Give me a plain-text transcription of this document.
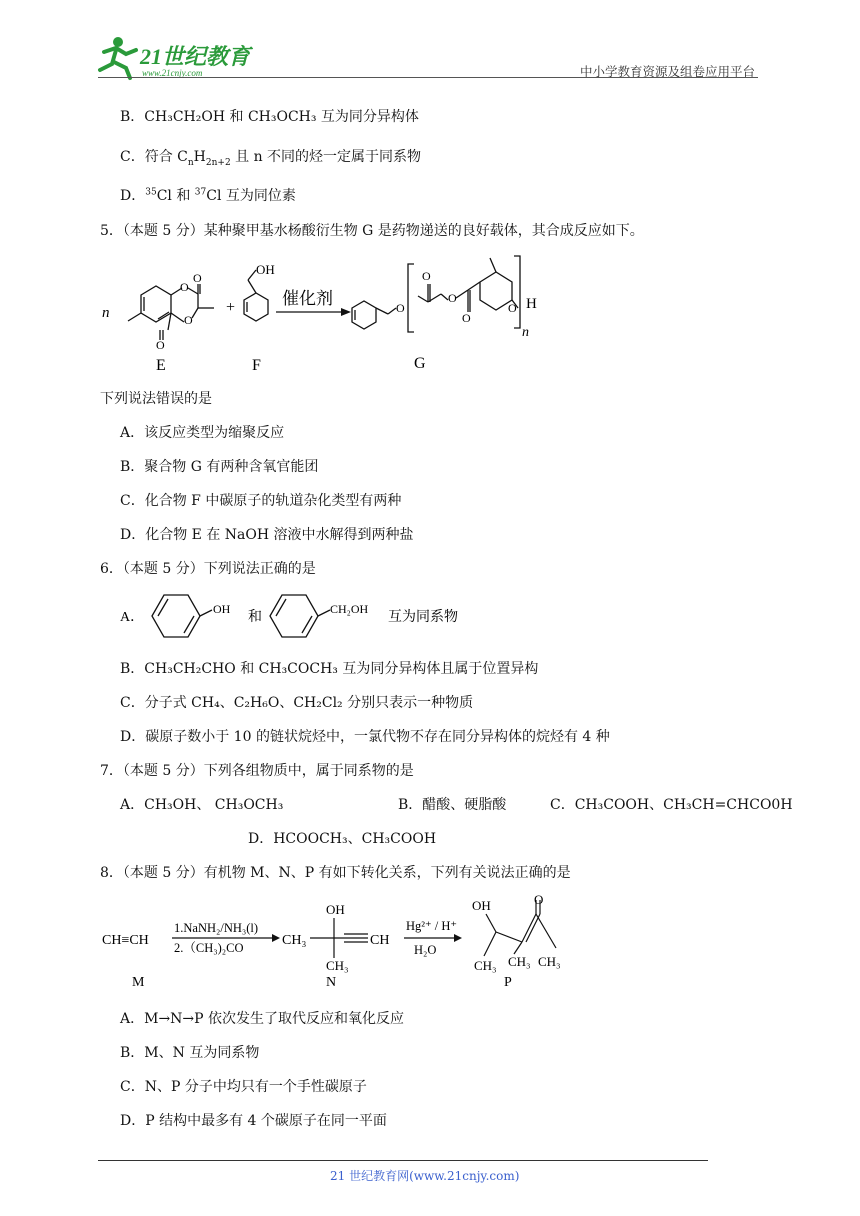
21世纪教育
www.21cnjy.com	中小学教育资源及组卷应用平台
B．CH₃CH₂OH 和 CH₃OCH₃ 互为同分异构体
C．符合 $C_nH_{2n+2}$ 且 n 不同的烃一定属于同系物
D．$^{35}$Cl 和 $^{37}$Cl 互为同位素
5．（本题 5 分）某种聚甲基水杨酸衍生物 G 是药物递送的良好载体，其合成反应如下。
n
O
O
O
O
E
+
OH
F
催化剂	O
O
O
O
O H
n
G
下列说法错误的是
A．该反应类型为缩聚反应
B．聚合物 G 有两种含氧官能团
C．化合物 F 中碳原子的轨道杂化类型有两种
D．化合物 E 在 NaOH 溶液中水解得到两种盐
6．（本题 5 分）下列说法正确的是
A．
OH
和
CH₂OH
互为同系物
B．CH₃CH₂CHO 和 CH₃COCH₃ 互为同分异构体且属于位置异构
C．分子式 CH₄、C₂H₆O、CH₂Cl₂ 分别只表示一种物质
D．碳原子数小于 10 的链状烷烃中，一氯代物不存在同分异构体的烷烃有 4 种
7．（本题 5 分）下列各组物质中，属于同系物的是
A．CH₃OH、 CH₃OCH₃	B．醋酸、硬脂酸	C．CH₃COOH、CH₃CH=CHCO0H
D．HCOOCH₃、CH₃COOH
8．（本题 5 分）有机物 M、N、P 有如下转化关系，下列有关说法正确的是
CH≡CH
1.NaNH₂/NH₃(l)
2.（CH₃)₂CO	CH₃
OH
CH
CH₃
Hg²⁺ / H⁺
H₂O
OH	O
CH₃ CH₃ CH₃
M	N	P
A．M→N→P 依次发生了取代反应和氧化反应
B．M、N 互为同系物
C．N、P 分子中均只有一个手性碳原子
D．P 结构中最多有 4 个碳原子在同一平面
21 世纪教育网(www.21cnjy.com)
